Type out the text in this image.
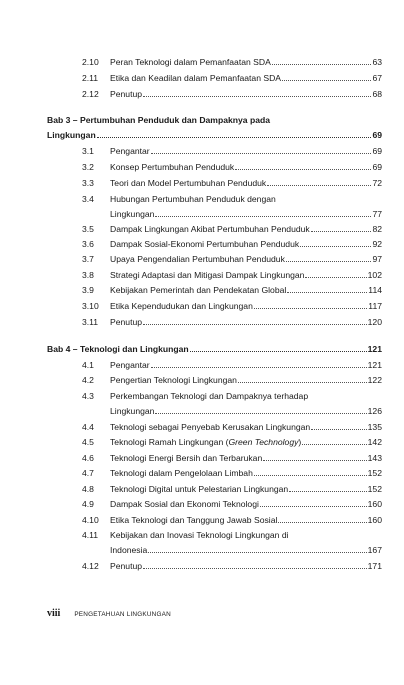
2.10 Peran Teknologi dalam Pemanfaatan SDA	63
2.11 Etika dan Keadilan dalam Pemanfaatan SDA	67
2.12 Penutup	68
Bab 3 – Pertumbuhan Penduduk dan Dampaknya pada
Lingkungan	69
3.1 Pengantar	69
3.2 Konsep Pertumbuhan Penduduk	69
3.3 Teori dan Model Pertumbuhan Penduduk	72
3.4 Hubungan Pertumbuhan Penduduk dengan
Lingkungan	77
3.5 Dampak Lingkungan Akibat Pertumbuhan Penduduk	82
3.6 Dampak Sosial-Ekonomi Pertumbuhan Penduduk	92
3.7 Upaya Pengendalian Pertumbuhan Penduduk	97
3.8 Strategi Adaptasi dan Mitigasi Dampak Lingkungan	102
3.9 Kebijakan Pemerintah dan Pendekatan Global	114
3.10 Etika Kependudukan dan Lingkungan	117
3.11 Penutup	120
Bab 4 – Teknologi dan Lingkungan	121
4.1 Pengantar	121
4.2 Pengertian Teknologi Lingkungan	122
4.3 Perkembangan Teknologi dan Dampaknya terhadap
Lingkungan	126
4.4 Teknologi sebagai Penyebab Kerusakan Lingkungan	135
4.5 Teknologi Ramah Lingkungan (Green Technology)	142
4.6 Teknologi Energi Bersih dan Terbarukan	143
4.7 Teknologi dalam Pengelolaan Limbah	152
4.8 Teknologi Digital untuk Pelestarian Lingkungan	152
4.9 Dampak Sosial dan Ekonomi Teknologi	160
4.10 Etika Teknologi dan Tanggung Jawab Sosial	160
4.11 Kebijakan dan Inovasi Teknologi Lingkungan di
Indonesia	167
4.12 Penutup	171
viii PENGETAHUAN LINGKUNGAN
